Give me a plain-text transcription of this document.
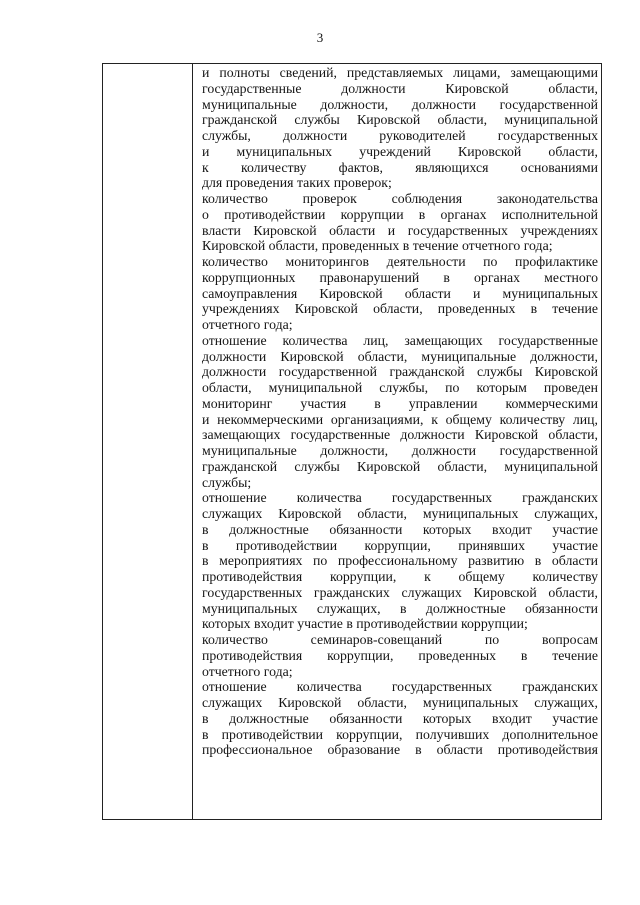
3
и полноты сведений, представляемых лицами, замещающими
государственные должности Кировской области,
муниципальные должности, должности государственной
гражданской службы Кировской области, муниципальной
службы, должности руководителей государственных
и муниципальных учреждений Кировской области,
к количеству фактов, являющихся основаниями
для проведения таких проверок;
количество проверок соблюдения законодательства
о противодействии коррупции в органах исполнительной
власти Кировской области и государственных учреждениях
Кировской области, проведенных в течение отчетного года;
количество мониторингов деятельности по профилактике
коррупционных правонарушений в органах местного
самоуправления Кировской области и муниципальных
учреждениях Кировской области, проведенных в течение
отчетного года;
отношение количества лиц, замещающих государственные
должности Кировской области, муниципальные должности,
должности государственной гражданской службы Кировской
области, муниципальной службы, по которым проведен
мониторинг участия в управлении коммерческими
и некоммерческими организациями, к общему количеству лиц,
замещающих государственные должности Кировской области,
муниципальные должности, должности государственной
гражданской службы Кировской области, муниципальной
службы;
отношение количества государственных гражданских
служащих Кировской области, муниципальных служащих,
в должностные обязанности которых входит участие
в противодействии коррупции, принявших участие
в мероприятиях по профессиональному развитию в области
противодействия коррупции, к общему количеству
государственных гражданских служащих Кировской области,
муниципальных служащих, в должностные обязанности
которых входит участие в противодействии коррупции;
количество семинаров-совещаний по вопросам
противодействия коррупции, проведенных в течение
отчетного года;
отношение количества государственных гражданских
служащих Кировской области, муниципальных служащих,
в должностные обязанности которых входит участие
в противодействии коррупции, получивших дополнительное
профессиональное образование в области противодействия
